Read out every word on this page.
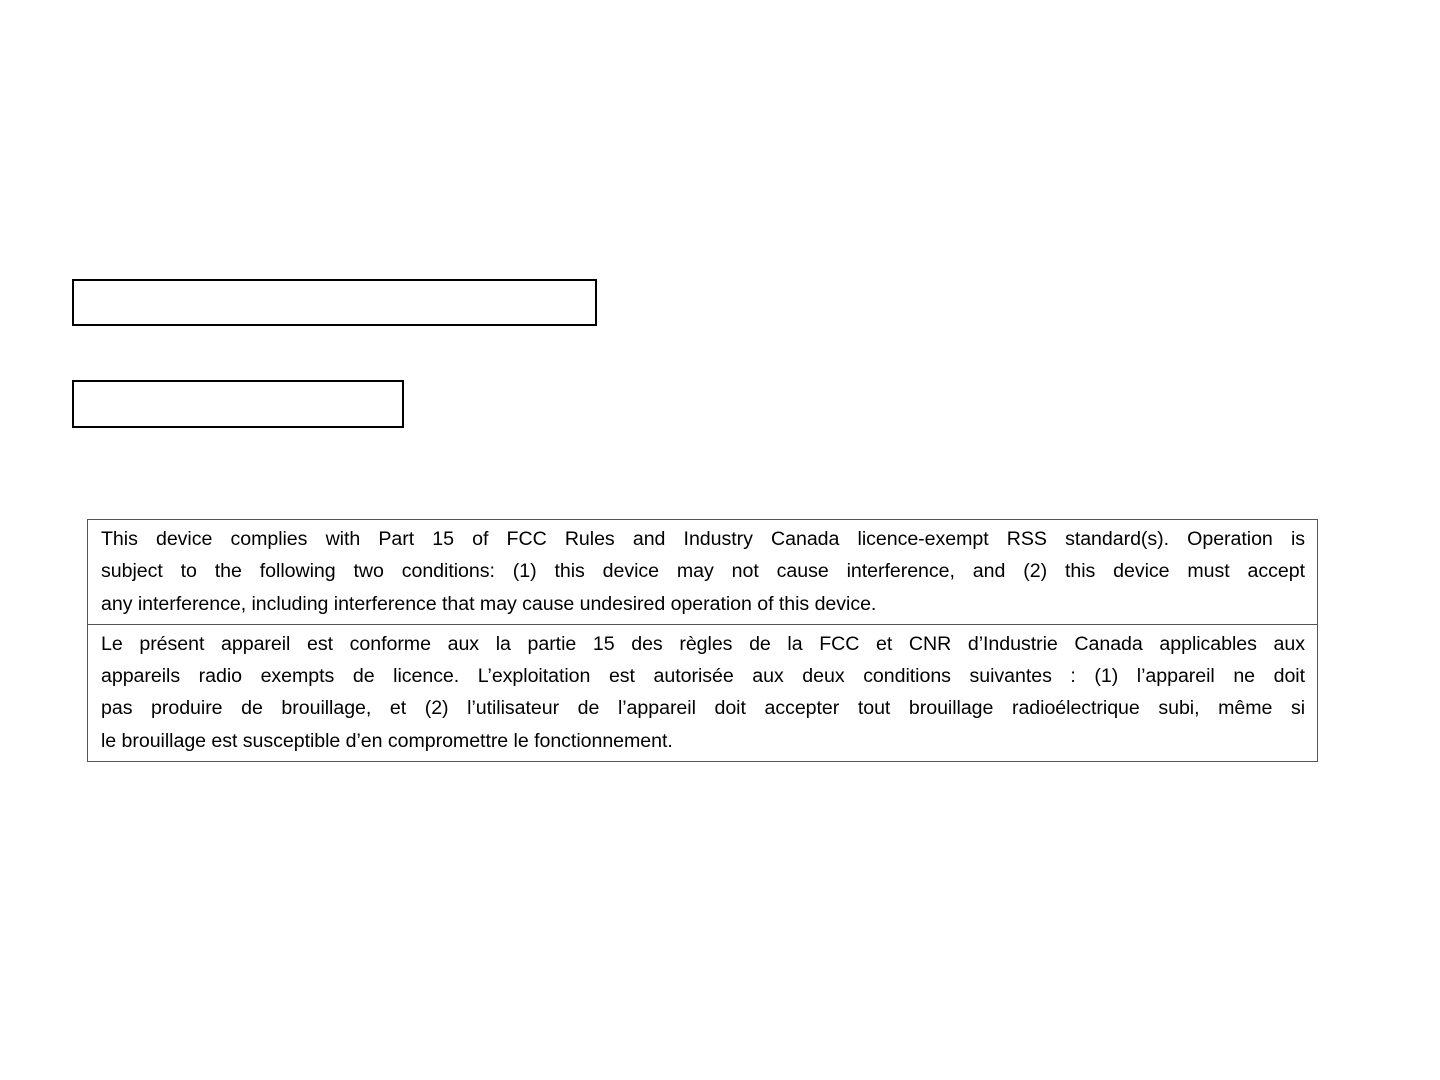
This device complies with Part 15 of FCC Rules and Industry Canada licence-exempt RSS standard(s). Operation is
subject to the following two conditions: (1) this device may not cause interference, and (2) this device must accept
any interference, including interference that may cause undesired operation of this device.
Le présent appareil est conforme aux la partie 15 des règles de la FCC et CNR d’Industrie Canada applicables aux
appareils radio exempts de licence. L’exploitation est autorisée aux deux conditions suivantes : (1) l’appareil ne doit
pas produire de brouillage, et (2) l’utilisateur de l’appareil doit accepter tout brouillage radioélectrique subi, même si
le brouillage est susceptible d’en compromettre le fonctionnement.
